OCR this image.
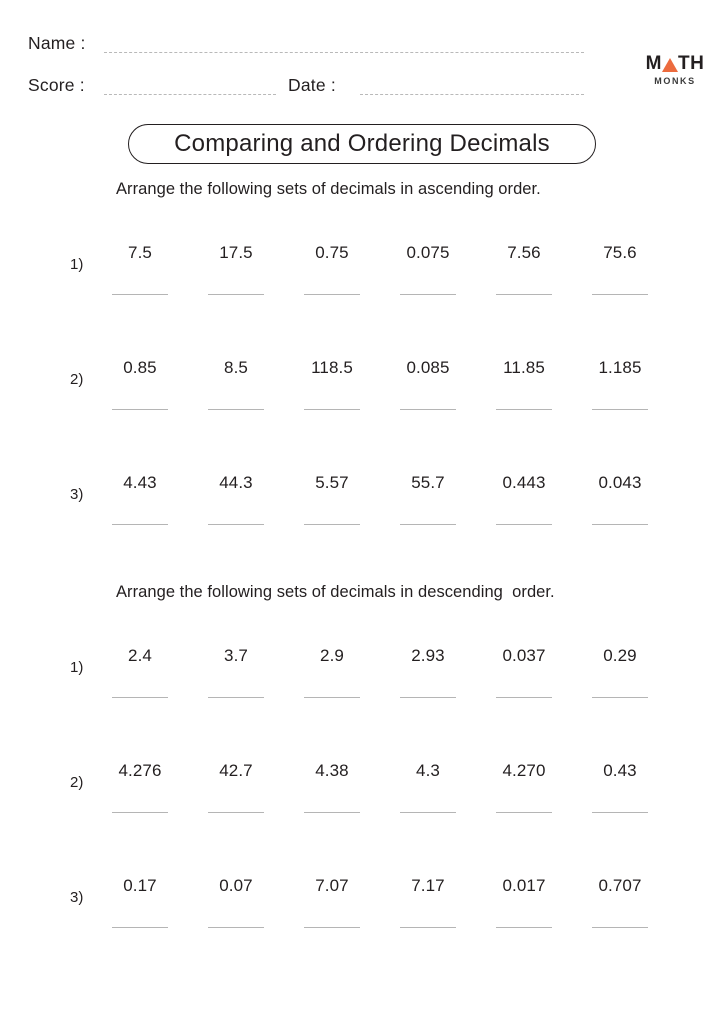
Name :
Score :	Date :
M TH
MONKS
Comparing and Ordering Decimals
Arrange the following sets of decimals in ascending order.
1)
7.5	17.5	0.75	0.075	7.56	75.6
2)
0.85	8.5	118.5	0.085	11.85	1.185
3)
4.43	44.3	5.57	55.7	0.443	0.043
Arrange the following sets of decimals in descending  order.
1)
2.4	3.7	2.9	2.93	0.037	0.29
2)
4.276	42.7	4.38	4.3	4.270	0.43
3)
0.17	0.07	7.07	7.17	0.017	0.707
